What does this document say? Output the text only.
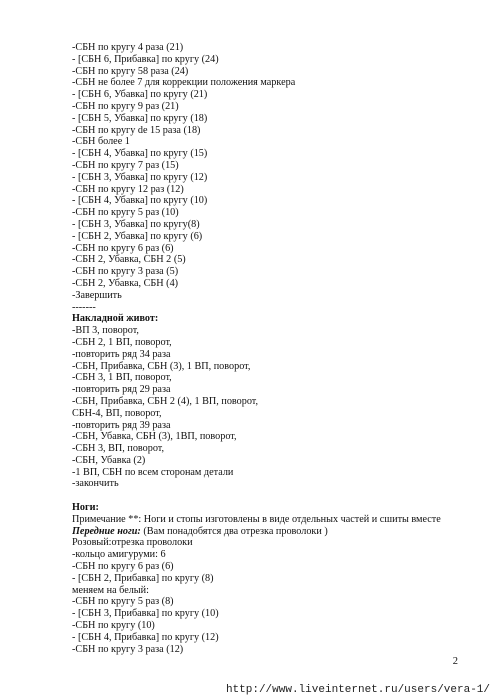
-СБН по кругу 4 раза (21)
- [СБН 6, Прибавка] по кругу (24)
-СБН по кругу 58 раза (24)
-СБН не более 7 для коррекции положения маркера
- [СБН 6, Убавка] по кругу (21)
-СБН по кругу 9 раз (21)
- [СБН 5, Убавка] по кругу (18)
-СБН по кругу de 15 раза (18)
-СБН более 1
- [СБН 4, Убавка] по кругу (15)
-СБН по кругу 7 раз (15)
- [СБН 3, Убавка] по кругу (12)
-СБН по кругу 12 раз (12)
- [СБН 4, Убавка] по кругу (10)
-СБН по кругу 5 раз (10)
- [СБН 3, Убавка] по кругу(8)
- [СБН 2, Убавка] по кругу (6)
-СБН по кругу 6 раз (6)
-СБН 2, Убавка, СБН 2 (5)
-СБН по кругу 3 раза (5)
-СБН 2, Убавка, СБН (4)
-Завершить
-------
Накладной живот:
-ВП 3, поворот,
-СБН 2, 1 ВП, поворот,
-повторить ряд 34 раза
-СБН, Прибавка, СБН (3), 1 ВП, поворот,
-СБН 3, 1 ВП, поворот,
-повторить ряд 29 раза
-СБН, Прибавка, СБН 2 (4), 1 ВП, поворот,
СБН-4, ВП, поворот,
-повторить ряд 39 раза
-СБН, Убавка, СБН (3), 1ВП, поворот,
-СБН 3, ВП, поворот,
-СБН, Убавка (2)
-1 ВП, СБН по всем сторонам детали
-закончить
Ноги:
Примечание **: Ноги и стопы изготовлены в виде отдельных частей и сшиты вместе
Передние ноги: (Вам понадобятся два отрезка проволоки )
Розовый:отрезка проволоки
-кольцо амигуруми: 6
-СБН по кругу 6 раз (6)
- [СБН 2, Прибавка] по кругу (8)
меняем на белый:
-СБН по кругу 5 раз (8)
- [СБН 3, Прибавка] по кругу (10)
-СБН по кругу (10)
- [СБН 4, Прибавка] по кругу (12)
-СБН по кругу 3 раза (12)
2
http://www.liveinternet.ru/users/vera-1/
